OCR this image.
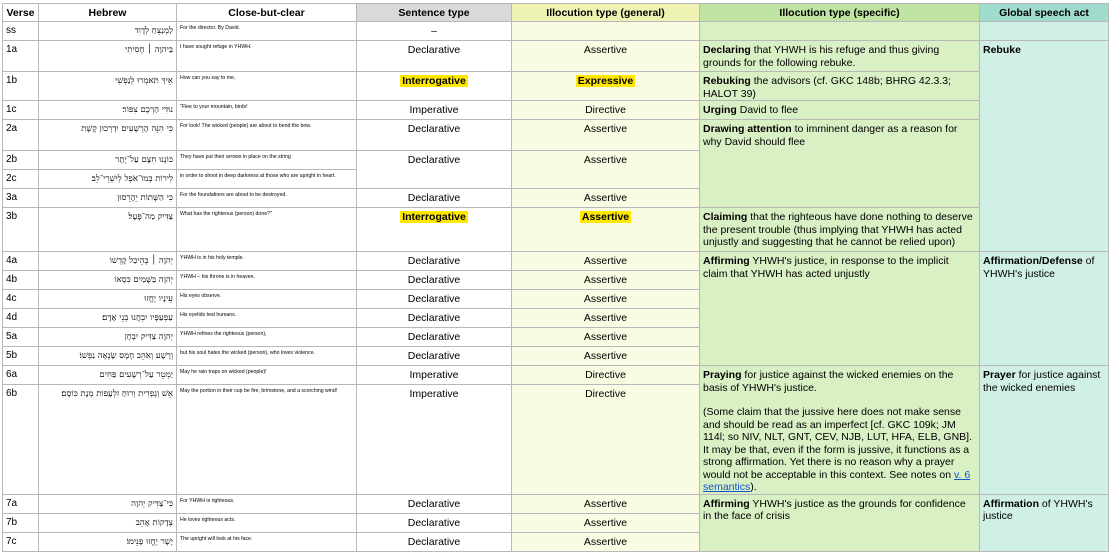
Verse	Hebrew	Close-but-clear	Sentence type	Illocution type (general)	Illocution type (specific)	Global speech act
ss	לַמְנַצֵּחַ לְדָוִד	For the director. By David.	–			
1a	בַּיהוָה ׀ חָסִיתִי	I have sought refuge in YHWH.	Declarative	Assertive	Declaring that YHWH is his refuge and thus giving grounds for the following rebuke.	Rebuke
1b	אֵיךְ תֹּאמְרוּ לְנַפְשִׁי	How can you say to me,	Interrogative	Expressive	Rebuking the advisors (cf. GKC 148b; BHRG 42.3.3; HALOT 39)	
1c	נוּדִי הַרְכֶם צִפּוֹר׃	"Flee to your mountain, birds!	Imperative	Directive	Urging David to flee	
2a	כִּי הִנֵּה הָרְשָׁעִים יִדְרְכוּן קֶשֶׁת	For look! The wicked (people) are about to bend the bow.	Declarative	Assertive	Drawing attention to imminent danger as a reason for why David should flee	
2b	כּוֹנְנוּ חִצָּם עַל־יֶתֶר	They have put their arrows in place on the string	Declarative	Assertive		
2c	לִירוֹת בְּמוֹ־אֹפֶל לְיִשְׁרֵי־לֵב׃	in order to shoot in deep darkness at those who are upright in heart.				
3a	כִּי הַשָּׁתוֹת יֵהָרֵסוּן	For the foundations are about to be destroyed.	Declarative	Assertive		
3b	צַדִּיק מַה־פָּעָל׃	What has the righteous (person) done?"	Interrogative	Assertive	Claiming that the righteous have done nothing to deserve the present trouble (thus implying that YHWH has acted unjustly and suggesting that he cannot be relied upon)	
4a	יְהוָה ׀ בְּהֵיכַל קָדְשׁוֹ	YHWH is in his holy temple.	Declarative	Assertive	Affirming YHWH's justice, in response to the implicit claim that YHWH has acted unjustly	Affirmation/Defense of YHWH's justice
4b	יְהוָה בַּשָּׁמַיִם כִּסְאוֹ	YHWH – his throne is in heaven.	Declarative	Assertive		
4c	עֵינָיו יֶחֱזוּ	His eyes observe.	Declarative	Assertive		
4d	עַפְעַפָּיו יִבְחֲנוּ בְּנֵי אָדָם׃	His eyelids test humans.	Declarative	Assertive		
5a	יְהוָה צַדִּיק יִבְחָן	YHWH refines the righteous (person),	Declarative	Assertive		
5b	וְרָשָׁע וְאֹהֵב חָמָס שָׂנְאָה נַפְשׁוֹ׃	but his soul hates the wicked (person), who loves violence.	Declarative	Assertive		
6a	יַמְטֵר עַל־רְשָׁעִים פַּחִים	May he rain traps on wicked (people)!	Imperative	Directive	Praying for justice against the wicked enemies on the basis of YHWH's justice.
(Some claim that the jussive here does not make sense and should be read as an imperfect [cf. GKC 109k; JM 114l; so NIV, NLT, GNT, CEV, NJB, LUT, HFA, ELB, GNB]. It may be that, even if the form is jussive, it functions as a strong affirmation. Yet there is no reason why a prayer would not be acceptable in this context. See notes on v. 6 semantics).	Prayer for justice against the wicked enemies
6b	אֵשׁ וְגָפְרִית וְרוּחַ זִלְעָפוֹת מְנָת כּוֹסָם׃	May the portion in their cup be fire, brimstone, and a scorching wind!	Imperative	Directive		
7a	כִּי־צַדִּיק יְהוָה	For YHWH is righteous.	Declarative	Assertive	Affirming YHWH's justice as the grounds for confidence in the face of crisis	Affirmation of YHWH's justice
7b	צְדָקוֹת אָהֵב	He loves righteous acts.	Declarative	Assertive		
7c	יָשָׁר יֶחֱזוּ פָנֵימוֹ׃	The upright will look at his face.	Declarative	Assertive		
